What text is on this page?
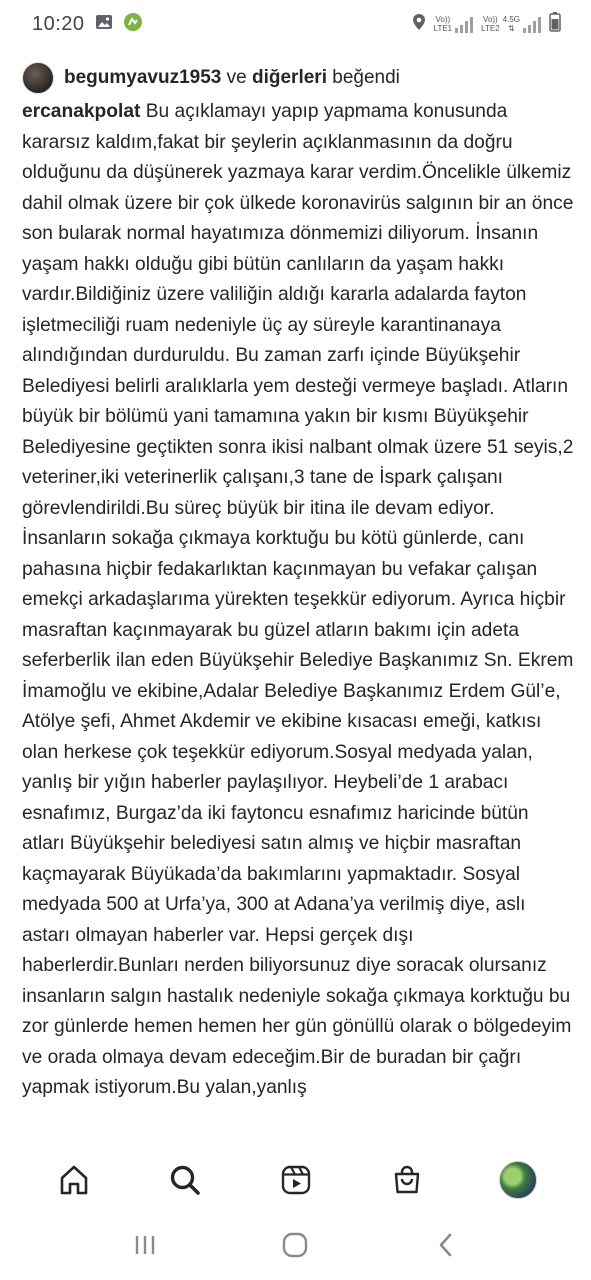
10:20	Vo))
LTE1
Vo))
LTE2
4.5G
⇅
begumyavuz1953 ve diğerleri beğendi
ercanakpolat Bu açıklamayı yapıp yapmama konusunda kararsız kaldım,fakat bir şeylerin açıklanmasının da doğru olduğunu da düşünerek yazmaya karar verdim.Öncelikle ülkemiz dahil olmak üzere bir çok ülkede koronavirüs salgının bir an önce son bularak normal hayatımıza dönmemizi diliyorum. İnsanın yaşam hakkı olduğu gibi bütün canlıların da yaşam hakkı vardır.Bildiğiniz üzere valiliğin aldığı kararla adalarda fayton işletmeciliği ruam nedeniyle üç ay süreyle karantinanaya alındığından durduruldu. Bu zaman zarfı içinde Büyükşehir Belediyesi belirli aralıklarla yem desteği vermeye başladı. Atların büyük bir bölümü yani tamamına yakın bir kısmı Büyükşehir Belediyesine geçtikten sonra ikisi nalbant olmak üzere 51 seyis,2 veteriner,iki veterinerlik çalışanı,3 tane de İspark çalışanı görevlendirildi.Bu süreç büyük bir itina ile devam ediyor. İnsanların sokağa çıkmaya korktuğu bu kötü günlerde, canı pahasına hiçbir fedakarlıktan kaçınmayan bu vefakar çalışan emekçi arkadaşlarıma yürekten teşekkür ediyorum. Ayrıca hiçbir masraftan kaçınmayarak bu güzel atların bakımı için adeta seferberlik ilan eden Büyükşehir Belediye Başkanımız Sn. Ekrem İmamoğlu ve ekibine,Adalar Belediye Başkanımız Erdem Gül’e, Atölye şefi, Ahmet Akdemir ve ekibine kısacası emeği, katkısı olan herkese çok teşekkür ediyorum.Sosyal medyada yalan, yanlış bir yığın haberler paylaşılıyor. Heybeli’de 1 arabacı esnafımız, Burgaz’da iki faytoncu esnafımız haricinde bütün atları Büyükşehir belediyesi satın almış ve hiçbir masraftan kaçmayarak Büyükada’da bakımlarını yapmaktadır. Sosyal medyada 500 at Urfa’ya, 300 at Adana’ya verilmiş diye, aslı astarı olmayan haberler var. Hepsi gerçek dışı haberlerdir.Bunları nerden biliyorsunuz diye soracak olursanız insanların salgın hastalık nedeniyle sokağa çıkmaya korktuğu bu zor günlerde hemen hemen her gün gönüllü olarak o bölgedeyim ve orada olmaya devam edeceğim.Bir de buradan bir çağrı yapmak istiyorum.Bu yalan,yanlış
